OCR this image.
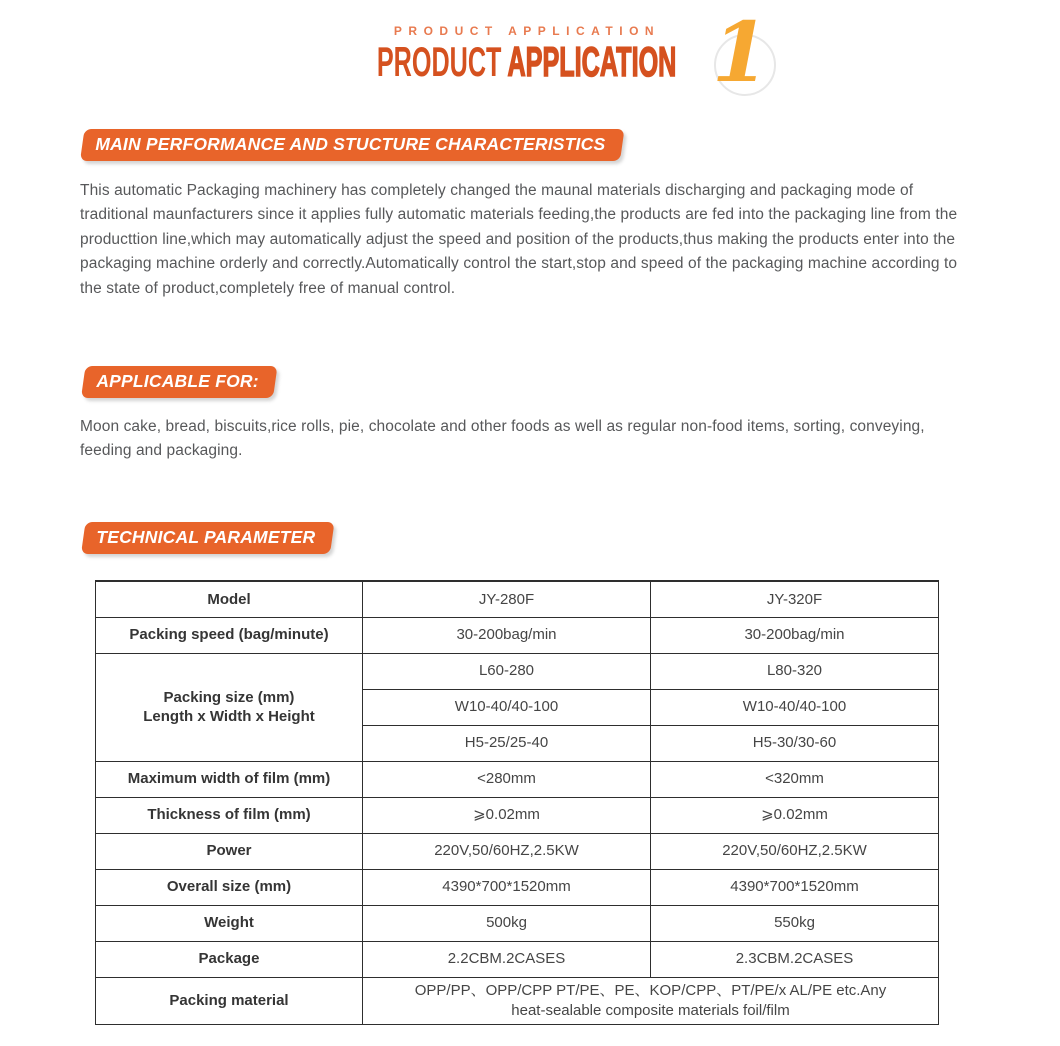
PRODUCT APPLICATION
PRODUCT APPLICATION 1
MAIN PERFORMANCE AND STUCTURE CHARACTERISTICS
This automatic Packaging machinery has completely changed the maunal materials discharging and packaging mode of traditional maunfacturers since it applies fully automatic materials feeding,the products are fed into the packaging line from the producttion line,which may automatically adjust the speed and position of the products,thus making the products enter into the packaging machine orderly and correctly.Automatically control the start,stop and speed of the packaging machine according to the state of product,completely free of manual control.
APPLICABLE FOR:
Moon cake, bread, biscuits,rice rolls, pie, chocolate and other foods as well as regular non-food items, sorting, conveying, feeding and packaging.
TECHNICAL PARAMETER
Model	JY-280F	JY-320F
Packing speed (bag/minute)	30-200bag/min	30-200bag/min
Packing size (mm)
Length x Width x Height	L60-280	L80-320
	W10-40/40-100	W10-40/40-100
	H5-25/25-40	H5-30/30-60
Maximum width of film (mm)	<280mm	<320mm
Thickness of film (mm)	⩾0.02mm	⩾0.02mm
Power	220V,50/60HZ,2.5KW	220V,50/60HZ,2.5KW
Overall size (mm)	4390*700*1520mm	4390*700*1520mm
Weight	500kg	550kg
Package	2.2CBM.2CASES	2.3CBM.2CASES
Packing material	OPP/PP、OPP/CPP PT/PE、PE、KOP/CPP、PT/PE/x AL/PE etc.Any heat-sealable composite materials foil/film	
